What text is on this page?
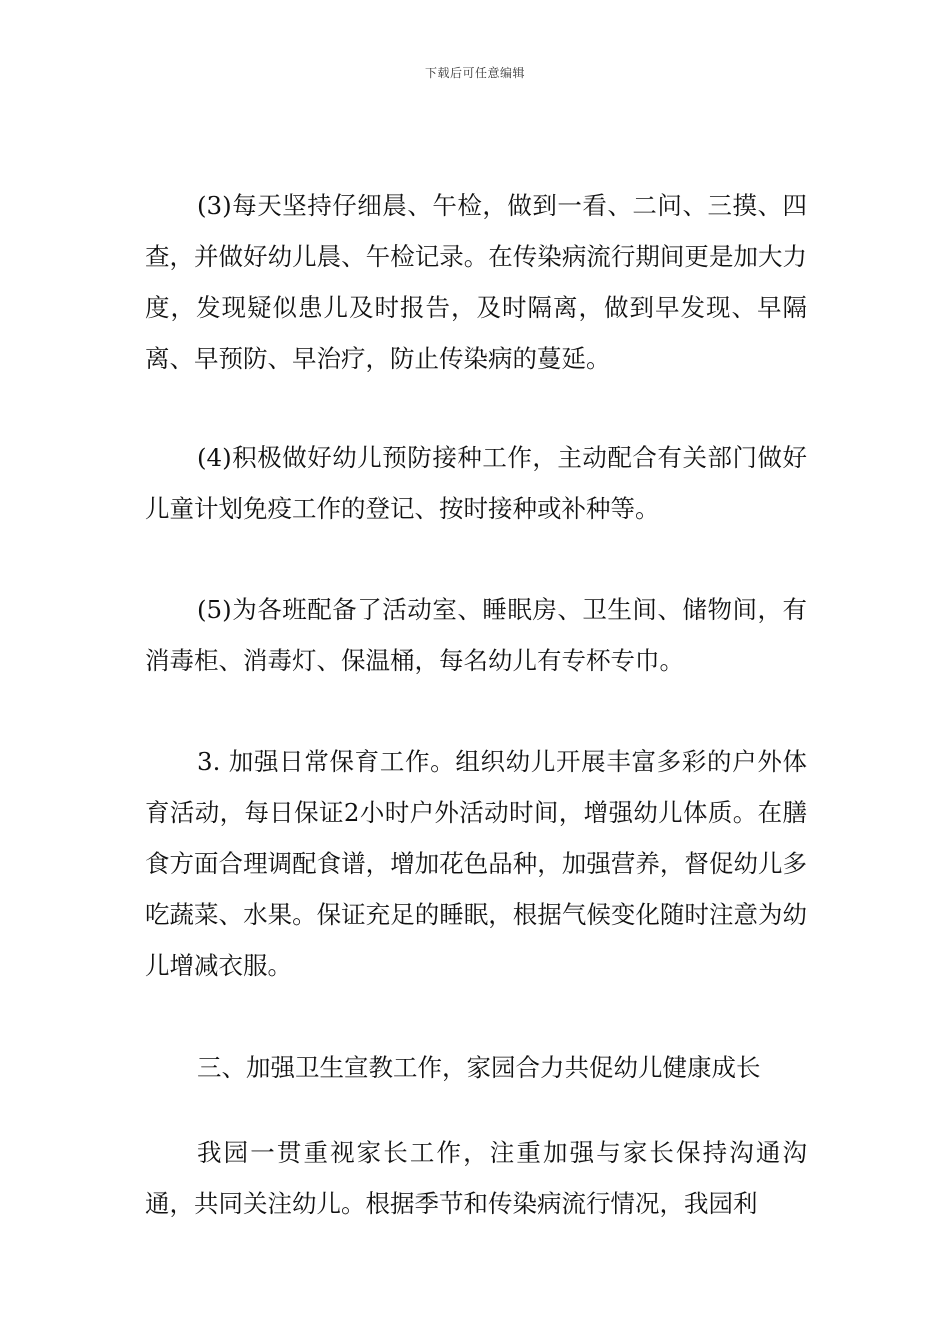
下载后可任意编辑

(3)每天坚持仔细晨、午检，做到一看、二问、三摸、四查，并做好幼儿晨、午检记录。在传染病流行期间更是加大力度，发现疑似患儿及时报告，及时隔离，做到早发现、早隔离、早预防、早治疗，防止传染病的蔓延。

(4)积极做好幼儿预防接种工作，主动配合有关部门做好儿童计划免疫工作的登记、按时接种或补种等。

(5)为各班配备了活动室、睡眠房、卫生间、储物间，有消毒柜、消毒灯、保温桶，每名幼儿有专杯专巾。

3. 加强日常保育工作。组织幼儿开展丰富多彩的户外体育活动，每日保证2小时户外活动时间，增强幼儿体质。在膳食方面合理调配食谱，增加花色品种，加强营养，督促幼儿多吃蔬菜、水果。保证充足的睡眠，根据气候变化随时注意为幼儿增减衣服。

三、加强卫生宣教工作，家园合力共促幼儿健康成长

我园一贯重视家长工作，注重加强与家长保持沟通沟通，共同关注幼儿。根据季节和传染病流行情况，我园利
